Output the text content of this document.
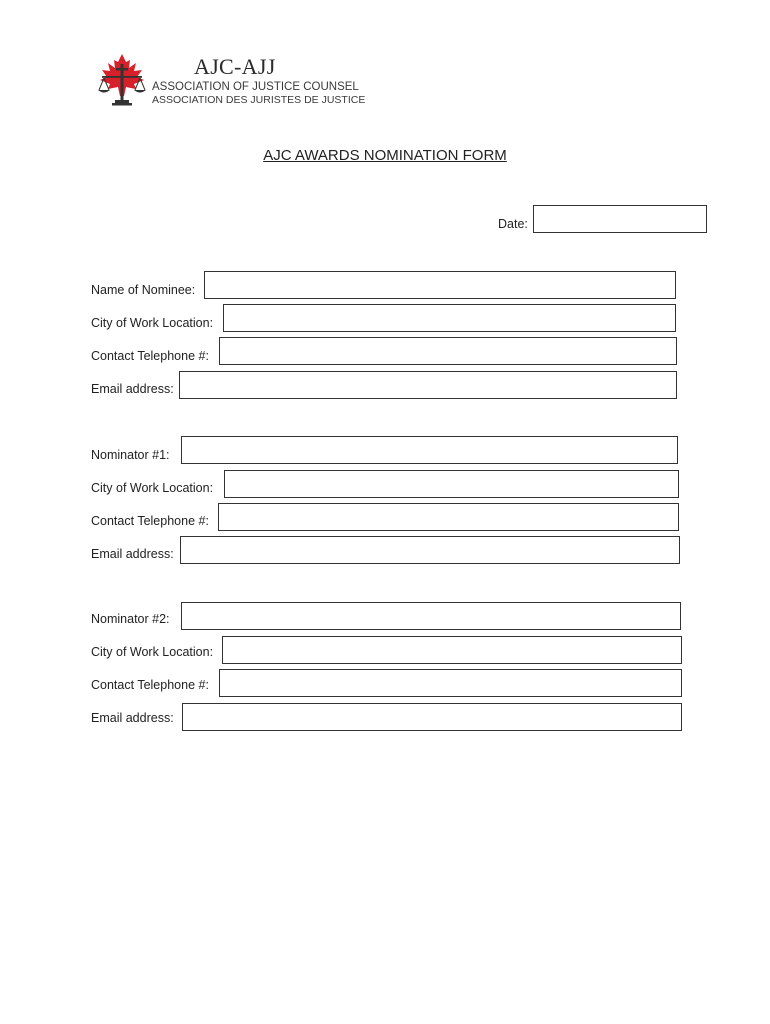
AJC-AJJ
ASSOCIATION OF JUSTICE COUNSEL
ASSOCIATION DES JURISTES DE JUSTICE
AJC AWARDS NOMINATION FORM
Date:
Name of Nominee:
City of Work Location:
Contact Telephone #:
Email address:
Nominator #1:
City of Work Location:
Contact Telephone #:
Email address:
Nominator #2:
City of Work Location:
Contact Telephone #:
Email address:
